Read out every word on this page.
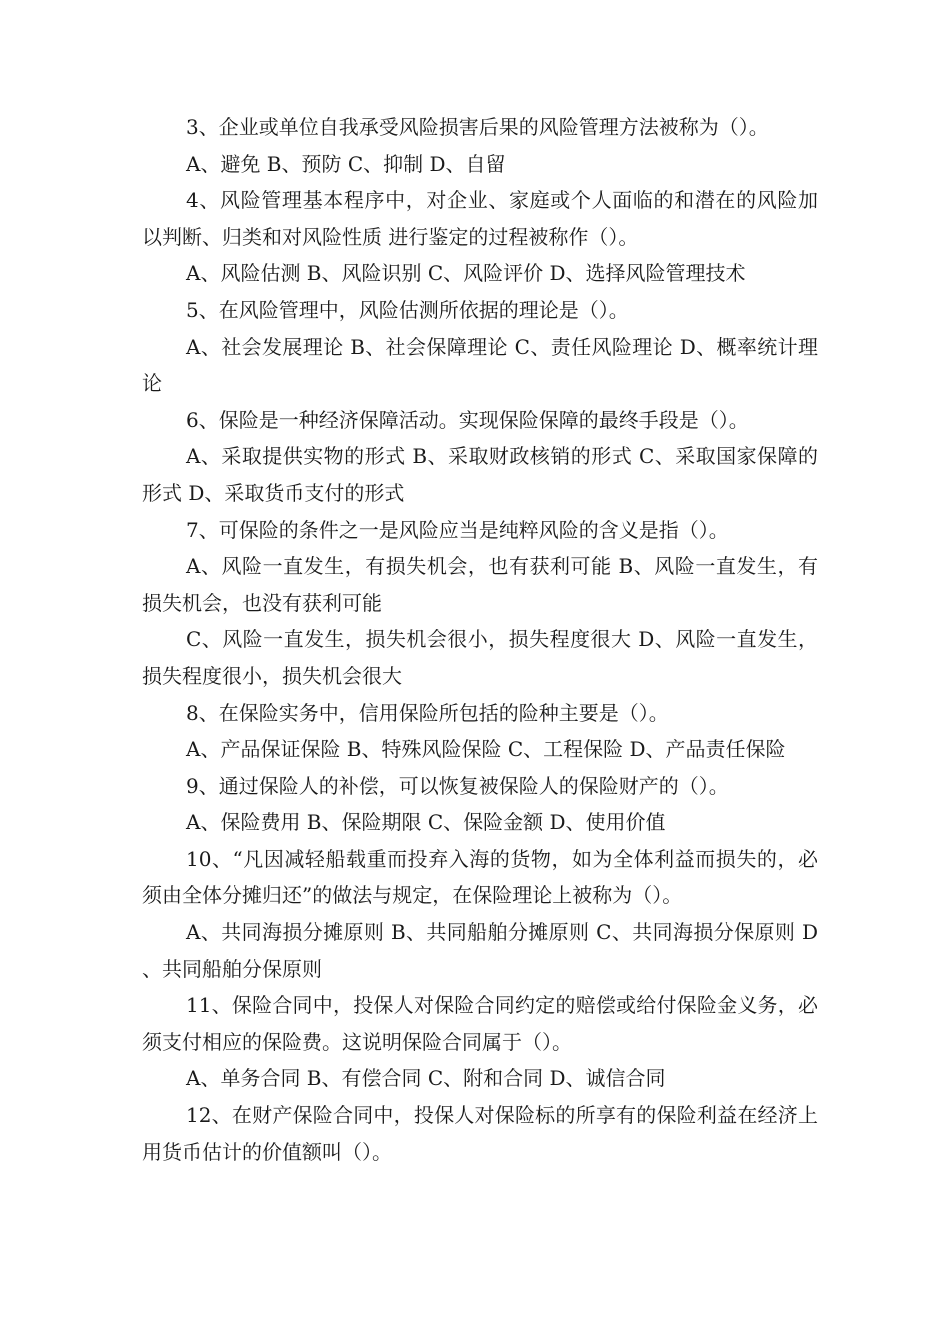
3、企业或单位自我承受风险损害后果的风险管理方法被称为（）。

A、避免 B、预防 C、抑制 D、自留

4、风险管理基本程序中，对企业、家庭或个人面临的和潜在的风险加以判断、归类和对风险性质 进行鉴定的过程被称作（）。

A、风险估测 B、风险识别 C、风险评价 D、选择风险管理技术

5、在风险管理中，风险估测所依据的理论是（）。

A、社会发展理论 B、社会保障理论 C、责任风险理论 D、概率统计理论

6、保险是一种经济保障活动。实现保险保障的最终手段是（）。

A、采取提供实物的形式 B、采取财政核销的形式 C、采取国家保障的形式 D、采取货币支付的形式

7、可保险的条件之一是风险应当是纯粹风险的含义是指（）。

A、风险一直发生，有损失机会，也有获利可能 B、风险一直发生，有损失机会，也没有获利可能

C、风险一直发生，损失机会很小，损失程度很大 D、风险一直发生，损失程度很小，损失机会很大

8、在保险实务中，信用保险所包括的险种主要是（）。

A、产品保证保险 B、特殊风险保险 C、工程保险 D、产品责任保险

9、通过保险人的补偿，可以恢复被保险人的保险财产的（）。

A、保险费用 B、保险期限 C、保险金额 D、使用价值

10、“凡因减轻船载重而投弃入海的货物，如为全体利益而损失的，必须由全体分摊归还”的做法与规定，在保险理论上被称为（）。

A、共同海损分摊原则 B、共同船舶分摊原则 C、共同海损分保原则 D、共同船舶分保原则

11、保险合同中，投保人对保险合同约定的赔偿或给付保险金义务，必须支付相应的保险费。这说明保险合同属于（）。

A、单务合同 B、有偿合同 C、附和合同 D、诚信合同

12、在财产保险合同中，投保人对保险标的所享有的保险利益在经济上用货币估计的价值额叫（）。
